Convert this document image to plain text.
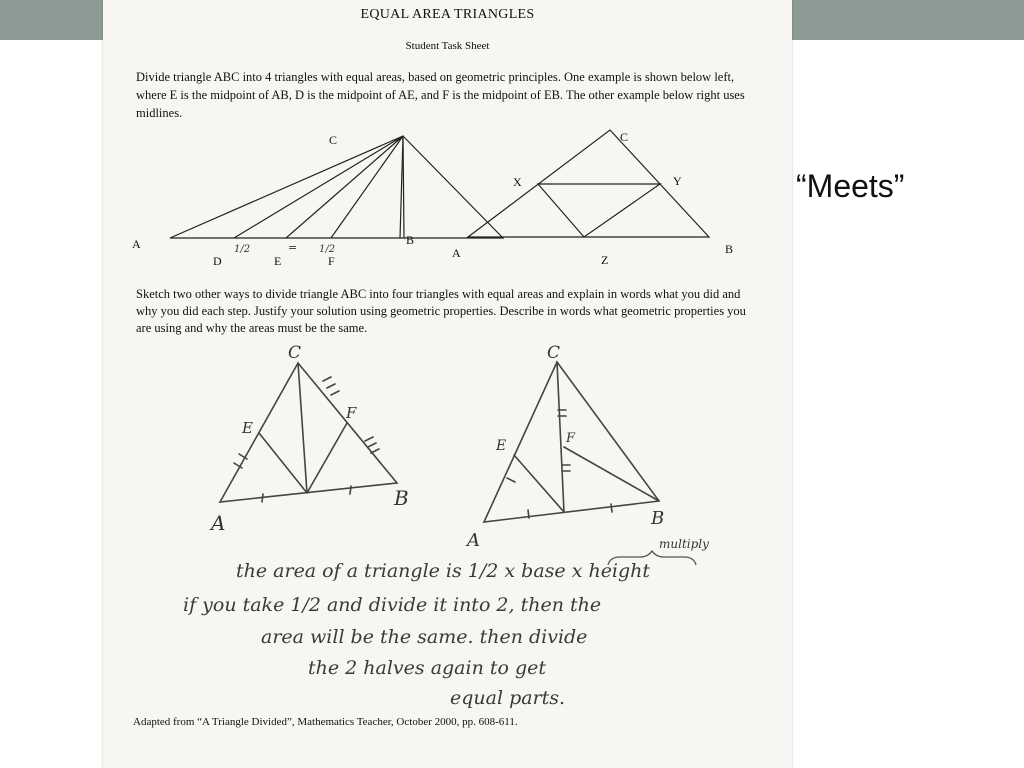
“Meets”
EQUAL AREA TRIANGLES
Student Task Sheet
Divide triangle ABC into 4 triangles with equal areas, based on geometric principles. One example is shown below left, where E is the midpoint of AB, D is the midpoint of AE, and F is the midpoint of EB. The other example below right uses midlines.
A	B
C
D	E	F
1/2	= 1/2	A	B
C
X	Y
Z
Sketch two other ways to divide triangle ABC into four triangles with equal areas and explain in words what you did and why you did each step. Justify your solution using geometric properties. Describe in words what geometric properties you are using and why the areas must be the same.
A
B
C
E
F
A
B
C
E	F
multiply
the area of a triangle is 1/2 x base x height
if you take 1/2 and divide it into 2, then the
area will be the same. then divide
the 2 halves again to get
equal parts.
Adapted from “A Triangle Divided”, Mathematics Teacher, October 2000, pp. 608-611.
